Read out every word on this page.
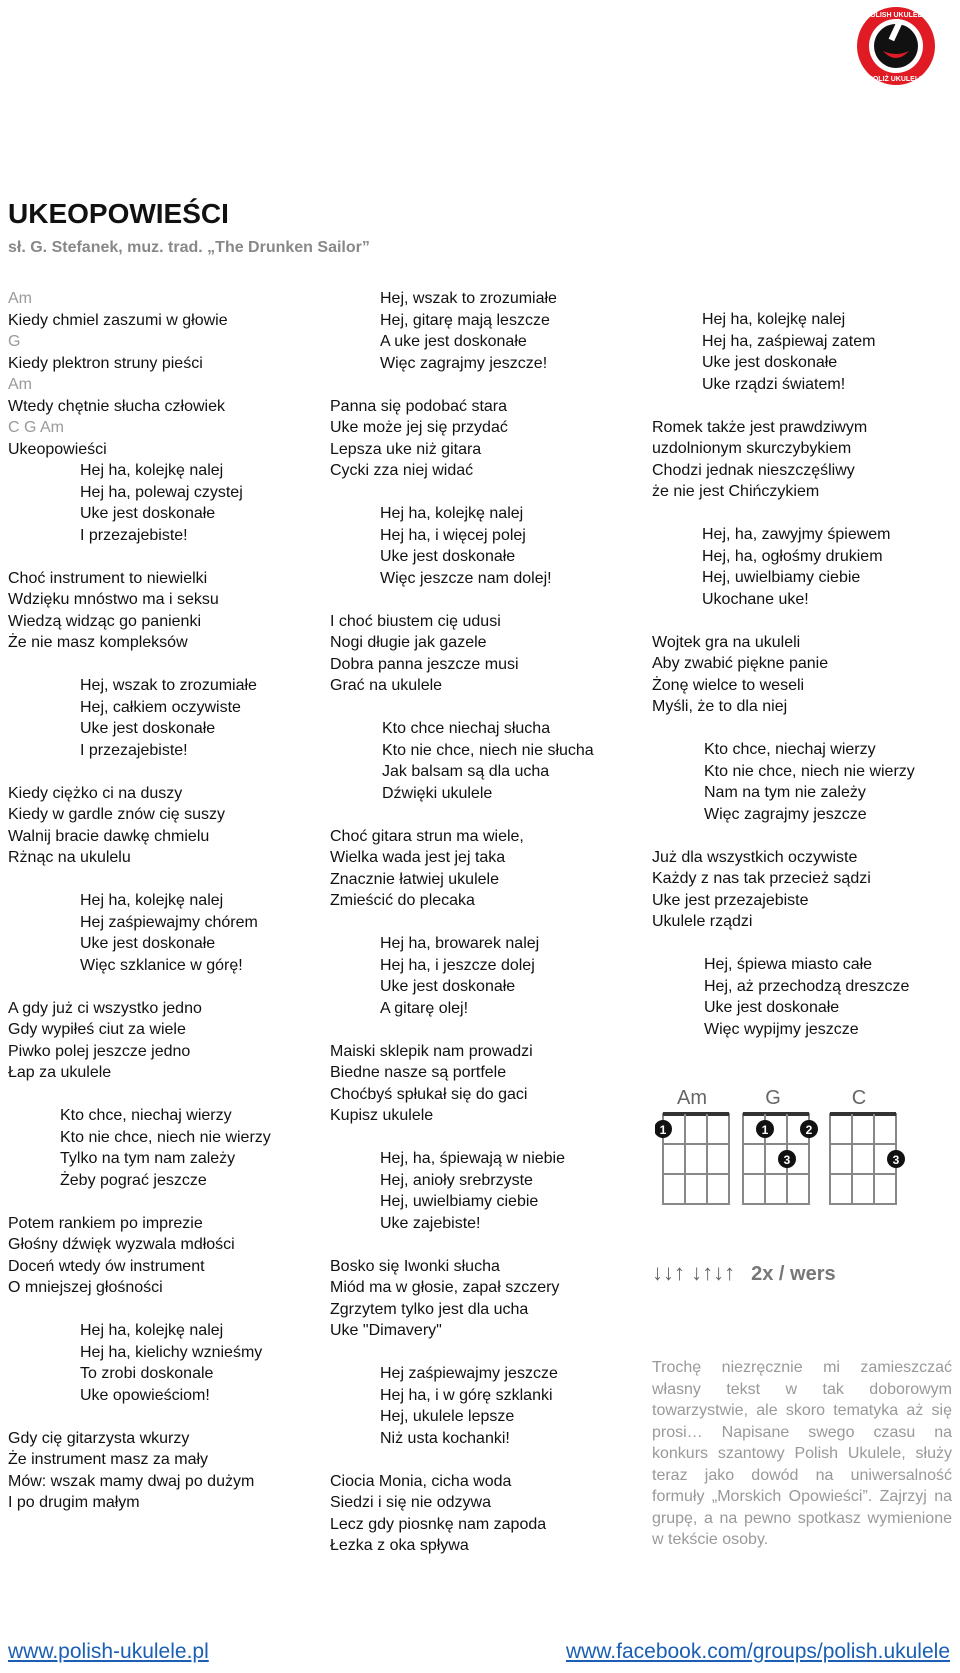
POLISH UKULELE
POLIŻ UKULELE
UKEOPOWIEŚCI
sł. G. Stefanek, muz. trad. „The Drunken Sailor”
Am
Kiedy chmiel zaszumi w głowie
G
Kiedy plektron struny pieści
Am
Wtedy chętnie słucha człowiek
C G Am
Ukeopowieści
Hej ha, kolejkę nalej
Hej ha, polewaj czystej
Uke jest doskonałe
I przezajebiste!
Choć instrument to niewielki
Wdzięku mnóstwo ma i seksu
Wiedzą widząc go panienki
Że nie masz kompleksów
Hej, wszak to zrozumiałe
Hej, całkiem oczywiste
Uke jest doskonałe
I przezajebiste!
Kiedy ciężko ci na duszy
Kiedy w gardle znów cię suszy
Walnij bracie dawkę chmielu
Rżnąc na ukulelu
Hej ha, kolejkę nalej
Hej zaśpiewajmy chórem
Uke jest doskonałe
Więc szklanice w górę!
A gdy już ci wszystko jedno
Gdy wypiłeś ciut za wiele
Piwko polej jeszcze jedno
Łap za ukulele
Kto chce, niechaj wierzy
Kto nie chce, niech nie wierzy
Tylko na tym nam zależy
Żeby pograć jeszcze
Potem rankiem po imprezie
Głośny dźwięk wyzwala mdłości
Doceń wtedy ów instrument
O mniejszej głośności
Hej ha, kolejkę nalej
Hej ha, kielichy wznieśmy
To zrobi doskonale
Uke opowieściom!
Gdy cię gitarzysta wkurzy
Że instrument masz za mały
Mów: wszak mamy dwaj po dużym
I po drugim małym
Hej, wszak to zrozumiałe
Hej, gitarę mają leszcze
A uke jest doskonałe
Więc zagrajmy jeszcze!
Panna się podobać stara
Uke może jej się przydać
Lepsza uke niż gitara
Cycki zza niej widać
Hej ha, kolejkę nalej
Hej ha, i więcej polej
Uke jest doskonałe
Więc jeszcze nam dolej!
I choć biustem cię udusi
Nogi długie jak gazele
Dobra panna jeszcze musi
Grać na ukulele
Kto chce niechaj słucha
Kto nie chce, niech nie słucha
Jak balsam są dla ucha
Dźwięki ukulele
Choć gitara strun ma wiele,
Wielka wada jest jej taka
Znacznie łatwiej ukulele
Zmieścić do plecaka
Hej ha, browarek nalej
Hej ha, i jeszcze dolej
Uke jest doskonałe
A gitarę olej!
Maiski sklepik nam prowadzi
Biedne nasze są portfele
Choćbyś spłukał się do gaci
Kupisz ukulele
Hej, ha, śpiewają w niebie
Hej, anioły srebrzyste
Hej, uwielbiamy ciebie
Uke zajebiste!
Bosko się Iwonki słucha
Miód ma w głosie, zapał szczery
Zgrzytem tylko jest dla ucha
Uke "Dimavery"
Hej zaśpiewajmy jeszcze
Hej ha, i w górę szklanki
Hej, ukulele lepsze
Niż usta kochanki!
Ciocia Monia, cicha woda
Siedzi i się nie odzywa
Lecz gdy piosnkę nam zapoda
Łezka z oka spływa
Hej ha, kolejkę nalej
Hej ha, zaśpiewaj zatem
Uke jest doskonałe
Uke rządzi światem!
Romek także jest prawdziwym
uzdolnionym skurczybykiem
Chodzi jednak nieszczęśliwy
że nie jest Chińczykiem
Hej, ha, zawyjmy śpiewem
Hej, ha, ogłośmy drukiem
Hej, uwielbiamy ciebie
Ukochane uke!
Wojtek gra na ukuleli
Aby zwabić piękne panie
Żonę wielce to weseli
Myśli, że to dla niej
Kto chce, niechaj wierzy
Kto nie chce, niech nie wierzy
Nam na tym nie zależy
Więc zagrajmy jeszcze
Już dla wszystkich oczywiste
Każdy z nas tak przecież sądzi
Uke jest przezajebiste
Ukulele rządzi
Hej, śpiewa miasto całe
Hej, aż przechodzą dreszcze
Uke jest doskonałe
Więc wypijmy jeszcze
Am
1
G
1	2
3
C
3
↓↓↑ ↓↑↓↑ 2x / wers
Trochę niezręcznie mi zamieszczać własny tekst w tak doborowym towarzystwie, ale skoro tematyka aż się prosi… Napisane swego czasu na konkurs szantowy Polish Ukulele, służy teraz jako dowód na uniwersalność formuły „Morskich Opowieści”. Zajrzyj na grupę, a na pewno spotkasz wymienione w tekście osoby.
www.polish-ukulele.pl	www.facebook.com/groups/polish.ukulele
